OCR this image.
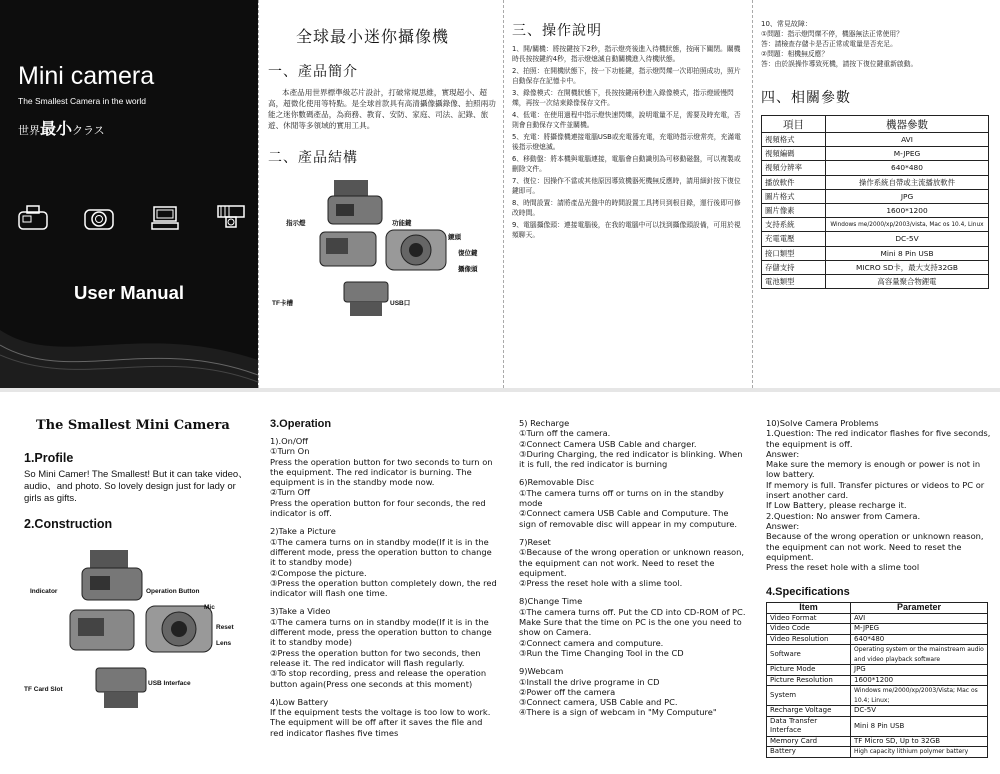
Mini camera
The Smallest Camera in the world
世界最小クラス
User Manual
全球最小迷你攝像機
一、產品簡介
本產品用世界標準級芯片設計，打破常規思維，實現超小、超高，超微化使用等特點。是全球首款具有高清攝像攝錄像、拍照兩功能之迷你數碼產品，為商務、教育、安防、家庭、司法、記錄、旅遊、休閒等多領域的實用工具。
二、產品結構
指示燈	功能鍵
鏡頭
復位鍵
攝像頭
TF卡槽	USB口
三、操作說明
1、開/關機：將按鍵按下2秒，指示燈亮後進入待機狀態，按兩下關閉。關機時長按按鍵約4秒，指示燈熄滅自動關機進入待機狀態。
2、拍照：在開機狀態下，按一下功能鍵，指示燈閃爍一次即拍照成功，照片自動保存在記憶卡中。
3、錄像模式：在開機狀態下，長按按鍵兩秒進入錄像模式，指示燈緩慢閃爍，再按一次結束錄像保存文件。
4、低電：在使用過程中指示燈快速閃爍，說明電量不足，需要及時充電，否則會自動保存文件並關機。
5、充電：將攝像機連接電腦USB或充電器充電，充電時指示燈常亮，充滿電後指示燈熄滅。
6、移動盤：將本機與電腦連接，電腦會自動識別為可移動磁盤，可以複製或刪除文件。
7、復位：因操作不當或其他原因導致機器死機無反應時，請用細針按下復位鍵即可。
8、時間設置：請將產品光盤中的時間設置工具拷貝到根目錄，運行後即可修改時間。
9、電腦攝像頭：連接電腦後，在我的電腦中可以找到攝像頭設備，可用於視頻聊天。
10、常見故障：
①問題：指示燈閃爍不停，機器無法正常使用？
答：請檢查存儲卡是否正常或電量是否充足。
②問題：相機無反應？
答：由於誤操作導致死機，請按下復位鍵重新啟動。
四、相關參數
項目	機器參數
視頻格式	AVI
視頻編碼	M-JPEG
視頻分辨率	640*480
播放軟件	操作系統自帶或主流播放軟件
圖片格式	JPG
圖片像素	1600*1200
支持系統	Windows me/2000/xp/2003/vista, Mac os 10.4, Linux
充電電壓	DC-5V
接口類型	Mini 8 Pin USB
存儲支持	MICRO SD卡，最大支持32GB
電池類型	高容量聚合物鋰電
The Smallest Mini Camera
1.Profile
So Mini Camer! The Smallest! But it can take video、audio、and photo. So lovely design just for lady or girls as gifts.
2.Construction
Indicator	Operation Button
Mic
Reset
Lens
TF Card Slot
USB Interface
3.Operation
1).On/Off
①Turn On
Press the operation button for two seconds to turn on the equipment. The red indicator is burning. The equipment is in the standby mode now.
②Turn Off
Press the operation button for four seconds, the red indicator is off.
2)Take a Picture
①The camera turns on in standby mode(If it is in the different mode, press the operation button to change it to standby mode)
②Compose the picture.
③Press the operation button completely down, the red indicator will flash one time.
3)Take a Video
①The camera turns on in standby mode(If it is in the different mode, press the operation button to change it to standby mode)
②Press the operation button for two seconds, then release it. The red indicator will flash regularly.
③To stop recording, press and release the operation button again(Press one seconds at this moment)
4)Low Battery
If the equipment tests the voltage is too low to work. The equipment will be off after it saves the file and red indicator flashes five times
5) Recharge
①Turn off the camera.
②Connect Camera USB Cable and charger.
③During Charging, the red indicator is blinking. When it is full, the red indicator is burning
6)Removable Disc
①The camera turns off or turns on in the standby mode
②Connect camera USB Cable and Computure. The sign of removable disc will appear in my computure.
7)Reset
①Because of the wrong operation or unknown reason, the equipment can not work. Need to reset the equipment.
②Press the reset hole with a slime tool.
8)Change Time
①The camera turns off. Put the CD into CD-ROM of PC. Make Sure that the time on PC is the one you need to show on Camera.
②Connect camera and computure.
③Run the Time Changing Tool in the CD
9)Webcam
①Install the drive programe in CD
②Power off the camera
③Connect camera, USB Cable and PC.
④There is a sign of webcam in "My Computure"
10)Solve Camera Problems
1.Question: The red indicator flashes for five seconds, the equipment is off.
Answer:
Make sure the memory is enough or power is not in low battery.
If memory is full. Transfer pictures or videos to PC or insert another card.
If Low Battery, please recharge it.
2.Question: No answer from Camera.
Answer:
Because of the wrong operation or unknown reason, the equipment can not work. Need to reset the equipment.
Press the reset hole with a slime tool
4.Specifications
Item	Parameter
Video Format	AVI
Video Code	M-JPEG
Video Resolution	640*480
Software	Operating system or the mainstream audio and video playback software
Picture Mode	JPG
Picture Resolution	1600*1200
System	Windows me/2000/xp/2003/Vista; Mac os 10.4; Linux;
Recharge Voltage	DC-5V
Data Transfer Interface	Mini 8 Pin USB
Memory Card	TF Micro SD, Up to 32GB
Battery	High capacity lithium polymer battery
